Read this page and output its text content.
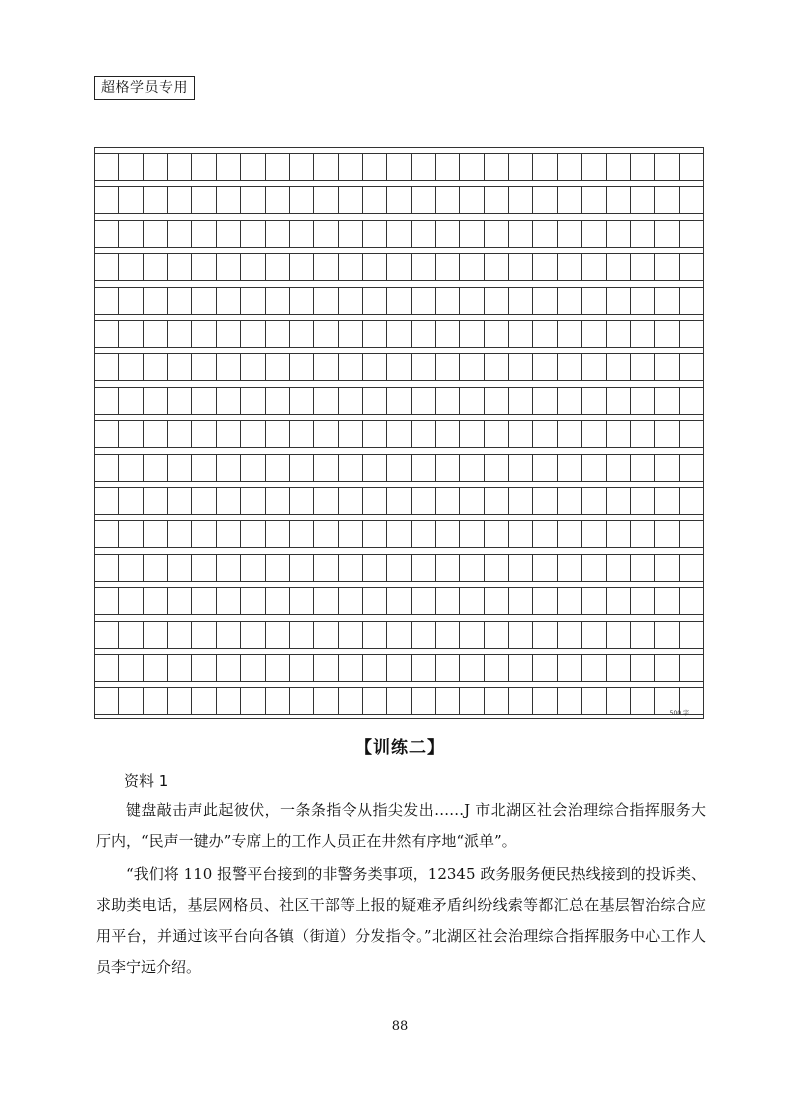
超格学员专用
500 字
【训练二】
资料 1

键盘敲击声此起彼伏，一条条指令从指尖发出……J 市北湖区社会治理综合指挥服务大厅内，“民声一键办”专席上的工作人员正在井然有序地“派单”。

“我们将 110 报警平台接到的非警务类事项，12345 政务服务便民热线接到的投诉类、求助类电话，基层网格员、社区干部等上报的疑难矛盾纠纷线索等都汇总在基层智治综合应用平台，并通过该平台向各镇（街道）分发指令。”北湖区社会治理综合指挥服务中心工作人员李宁远介绍。

88
